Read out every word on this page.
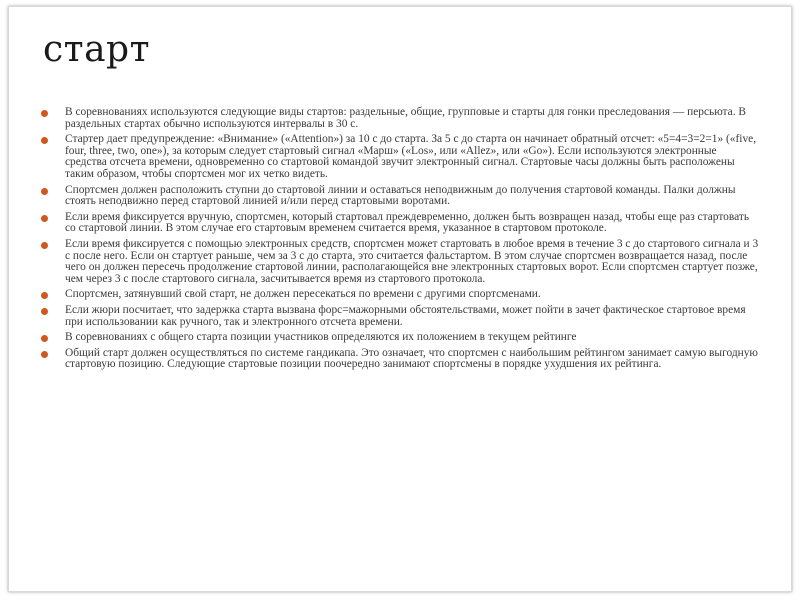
старт
В соревнованиях используются следующие виды стартов: раздельные, общие, групповые и старты для гонки преследования — персьюта. В раздельных стартах обычно используются интервалы в 30 с.
Стартер дает предупреждение: «Внимание» («Attention») за 10 с до старта. За 5 с до старта он начинает обратный отсчет: «5=4=3=2=1» («five, four, three, two, one»), за которым следует стартовый сигнал «Марш» («Los», или «Allez», или «Go»). Если используются электронные средства отсчета времени, одновременно со стартовой командой звучит электронный сигнал. Стартовые часы должны быть расположены таким образом, чтобы спортсмен мог их четко видеть.
Спортсмен должен расположить ступни до стартовой линии и оставаться неподвижным до получения стартовой команды. Палки должны стоять неподвижно перед стартовой линией и/или перед стартовыми воротами.
Если время фиксируется вручную, спортсмен, который стартовал преждевременно, должен быть возвращен назад, чтобы еще раз стартовать со стартовой линии. В этом случае его стартовым временем считается время, указанное в стартовом протоколе.
Если время фиксируется с помощью электронных средств, спортсмен может стартовать в любое время в течение 3 с до стартового сигнала и 3 с после него. Если он стартует раньше, чем за 3 с до старта, это считается фальстартом. В этом случае спортсмен возвращается назад, после чего он должен пересечь продолжение стартовой линии, располагающейся вне электронных стартовых ворот. Если спортсмен стартует позже, чем через 3 с после стартового сигнала, засчитывается время из стартового протокола.
Спортсмен, затянувший свой старт, не должен пересекаться по времени с другими спортсменами.
Если жюри посчитает, что задержка старта вызвана форс=мажорными обстоятельствами, может пойти в зачет фактическое стартовое время при использовании как ручного, так и электронного отсчета времени.
В соревнованиях с общего старта позиции участников определяются их положением в текущем рейтинге
Общий старт должен осуществляться по системе гандикапа. Это означает, что спортсмен с наибольшим рейтингом занимает самую выгодную стартовую позицию. Следующие стартовые позиции поочередно занимают спортсмены в порядке ухудшения их рейтинга.
